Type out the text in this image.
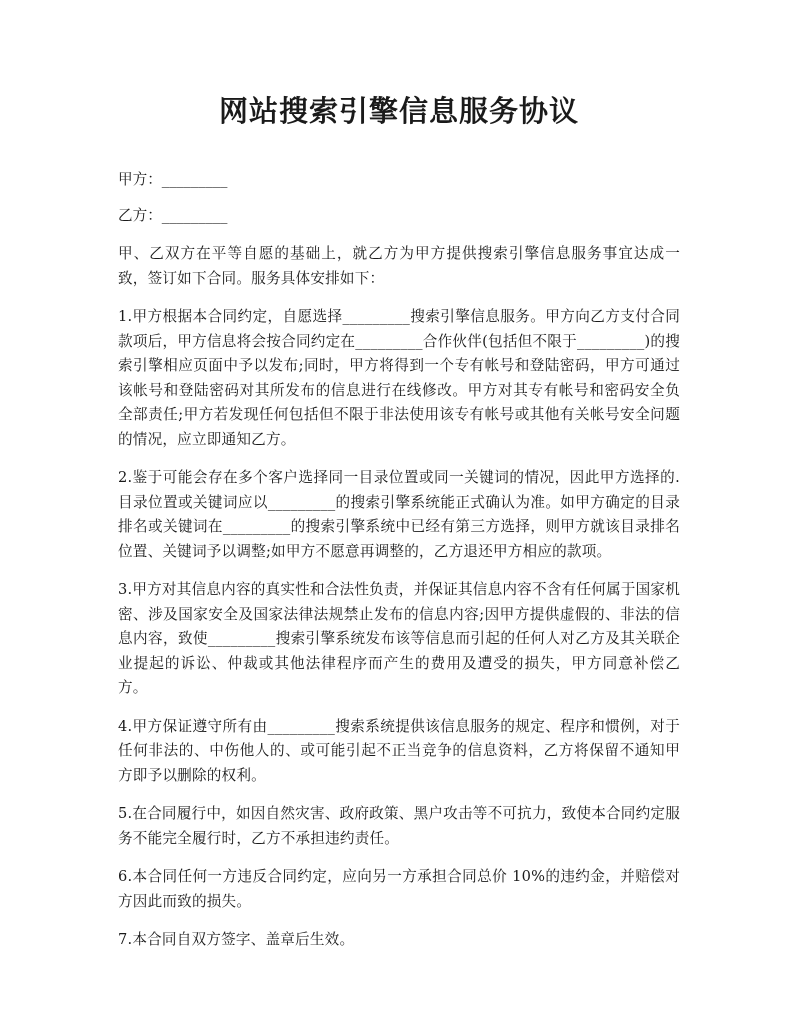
网站搜索引擎信息服务协议

甲方：_________

乙方：_________

甲、乙双方在平等自愿的基础上，就乙方为甲方提供搜索引擎信息服务事宜达成一致，签订如下合同。服务具体安排如下：

1.甲方根据本合同约定，自愿选择_________搜索引擎信息服务。甲方向乙方支付合同款项后，甲方信息将会按合同约定在_________合作伙伴(包括但不限于_________)的搜索引擎相应页面中予以发布;同时，甲方将得到一个专有帐号和登陆密码，甲方可通过该帐号和登陆密码对其所发布的信息进行在线修改。甲方对其专有帐号和密码安全负全部责任;甲方若发现任何包括但不限于非法使用该专有帐号或其他有关帐号安全问题的情况，应立即通知乙方。

2.鉴于可能会存在多个客户选择同一目录位置或同一关键词的情况，因此甲方选择的.目录位置或关键词应以_________的搜索引擎系统能正式确认为准。如甲方确定的目录排名或关键词在_________的搜索引擎系统中已经有第三方选择，则甲方就该目录排名位置、关键词予以调整;如甲方不愿意再调整的，乙方退还甲方相应的款项。

3.甲方对其信息内容的真实性和合法性负责，并保证其信息内容不含有任何属于国家机密、涉及国家安全及国家法律法规禁止发布的信息内容;因甲方提供虚假的、非法的信息内容，致使_________搜索引擎系统发布该等信息而引起的任何人对乙方及其关联企业提起的诉讼、仲裁或其他法律程序而产生的费用及遭受的损失，甲方同意补偿乙方。

4.甲方保证遵守所有由_________搜索系统提供该信息服务的规定、程序和惯例，对于任何非法的、中伤他人的、或可能引起不正当竞争的信息资料，乙方将保留不通知甲方即予以删除的权利。

5.在合同履行中，如因自然灾害、政府政策、黑户攻击等不可抗力，致使本合同约定服务不能完全履行时，乙方不承担违约责任。

6.本合同任何一方违反合同约定，应向另一方承担合同总价 10%的违约金，并赔偿对方因此而致的损失。

7.本合同自双方签字、盖章后生效。
